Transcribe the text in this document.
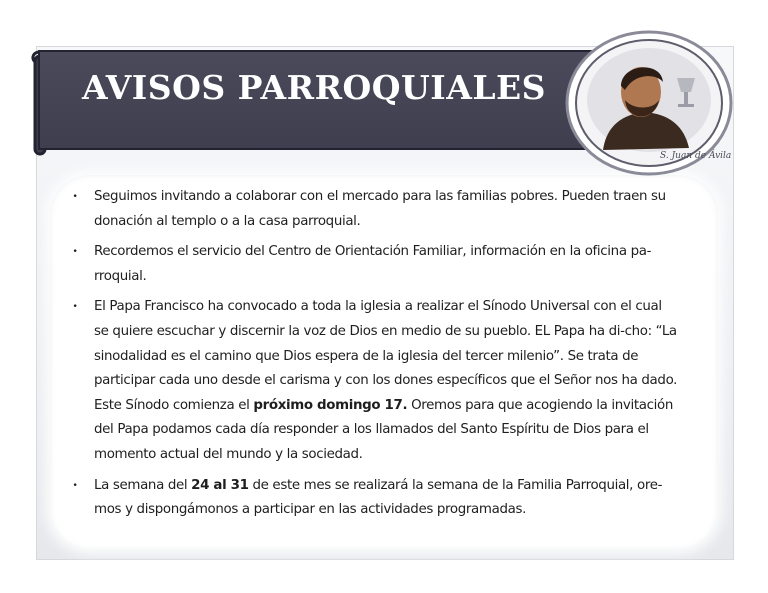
AVISOS PARROQUIALES
S. Juan de Ávila
• Seguimos invitando a colaborar con el mercado para las familias pobres. Pueden traen su donación al templo o a la casa parroquial.
• Recordemos el servicio del Centro de Orientación Familiar, información en la oficina pa-rroquial.
• El Papa Francisco ha convocado a toda la iglesia a realizar el Sínodo Universal con el cual se quiere escuchar y discernir la voz de Dios en medio de su pueblo. EL Papa ha di-cho: “La sinodalidad es el camino que Dios espera de la iglesia del tercer milenio”. Se trata de participar cada uno desde el carisma y con los dones específicos que el Señor nos ha dado. Este Sínodo comienza el próximo domingo 17. Oremos para que acogiendo la invitación del Papa podamos cada día responder a los llamados del Santo Espíritu de Dios para el momento actual del mundo y la sociedad.
• La semana del 24 al 31 de este mes se realizará la semana de la Familia Parroquial, ore-mos y dispongámonos a participar en las actividades programadas.
